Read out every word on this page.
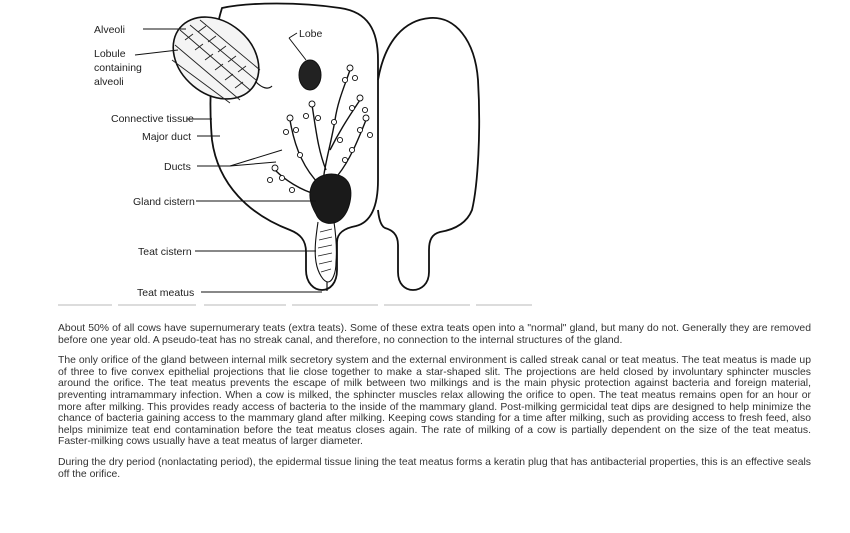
Alveoli
Lobule
containing
alveoli
Lobe
Connective tissue
Major duct
Ducts
Gland cistern
Teat cistern
Teat meatus

About 50% of all cows have supernumerary teats (extra teats). Some of these extra teats open into a "normal" gland, but many do not. Generally they are removed before one year old. A pseudo-teat has no streak canal, and therefore, no connection to the internal structures of the gland.

The only orifice of the gland between internal milk secretory system and the external environment is called streak canal or teat meatus. The teat meatus is made up of three to five convex epithelial projections that lie close together to make a star-shaped slit. The projections are held closed by involuntary sphincter muscles around the orifice. The teat meatus prevents the escape of milk between two milkings and is the main physic protection against bacteria and foreign material, preventing intramammary infection. When a cow is milked, the sphincter muscles relax allowing the orifice to open. The teat meatus remains open for an hour or more after milking. This provides ready access of bacteria to the inside of the mammary gland. Post-milking germicidal teat dips are designed to help minimize the chance of bacteria gaining access to the mammary gland after milking. Keeping cows standing for a time after milking, such as providing access to fresh feed, also helps minimize teat end contamination before the teat meatus closes again. The rate of milking of a cow is partially dependent on the size of the teat meatus. Faster-milking cows usually have a teat meatus of larger diameter.

During the dry period (nonlactating period), the epidermal tissue lining the teat meatus forms a keratin plug that has antibacterial properties, this is an effective seals off the orifice.
